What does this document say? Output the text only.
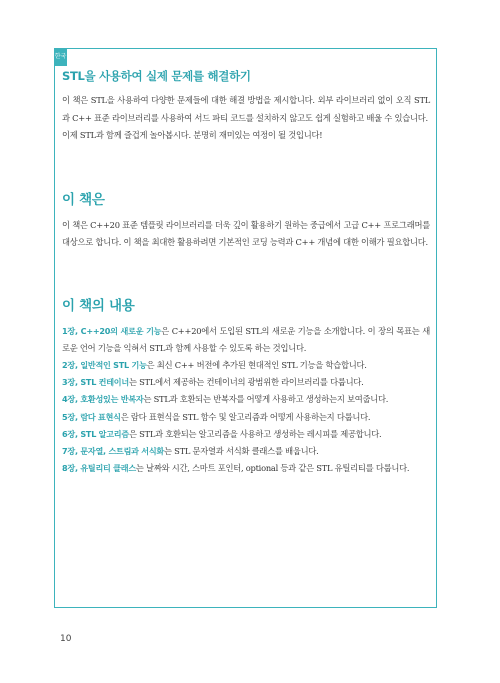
한국
STL을 사용하여 실제 문제를 해결하기

이 책은 STL을 사용하여 다양한 문제들에 대한 해결 방법을 제시합니다. 외부 라이브러리 없이 오직 STL과 C++ 표준 라이브러리를 사용하여 서드 파티 코드를 설치하지 않고도 쉽게 실험하고 배울 수 있습니다.

이제 STL과 함께 즐겁게 놀아봅시다. 분명히 재미있는 여정이 될 것입니다!

이 책은

이 책은 C++20 표준 템플릿 라이브러리를 더욱 깊이 활용하기 원하는 중급에서 고급 C++ 프로그래머를 대상으로 합니다. 이 책을 최대한 활용하려면 기본적인 코딩 능력과 C++ 개념에 대한 이해가 필요합니다.

이 책의 내용
1장, C++20의 새로운 기능은 C++20에서 도입된 STL의 새로운 기능을 소개합니다. 이 장의 목표는 새로운 언어 기능을 익혀서 STL과 함께 사용할 수 있도록 하는 것입니다.
2장, 일반적인 STL 기능은 최신 C++ 버전에 추가된 현대적인 STL 기능을 학습합니다.
3장, STL 컨테이너는 STL에서 제공하는 컨테이너의 광범위한 라이브러리를 다룹니다.
4장, 호환성있는 반복자는 STL과 호환되는 반복자를 어떻게 사용하고 생성하는지 보여줍니다.
5장, 람다 표현식은 람다 표현식을 STL 함수 및 알고리즘과 어떻게 사용하는지 다룹니다.
6장, STL 알고리즘은 STL과 호환되는 알고리즘을 사용하고 생성하는 레시피를 제공합니다.
7장, 문자열, 스트림과 서식화는 STL 문자열과 서식화 클래스를 배웁니다.
8장, 유틸리티 클래스는 날짜와 시간, 스마트 포인터, optional 등과 같은 STL 유틸리티를 다룹니다.
10
